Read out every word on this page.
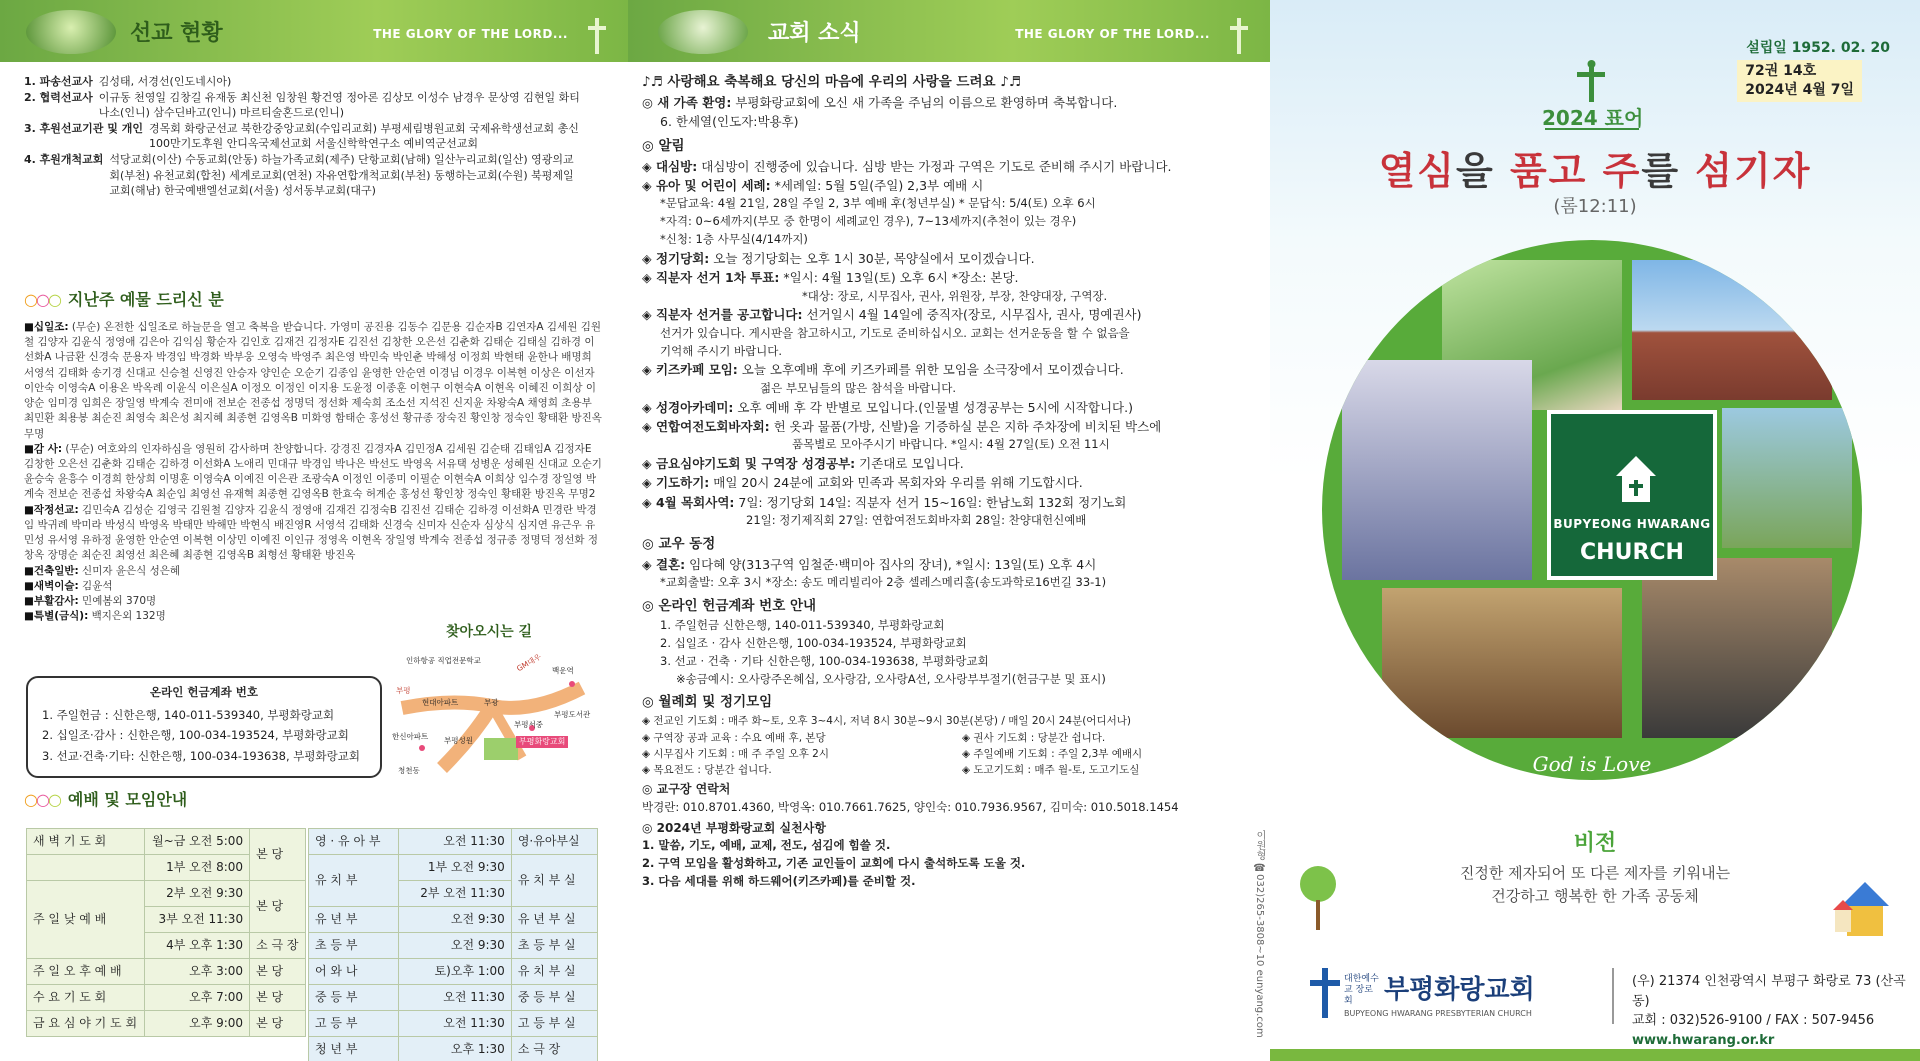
선교 현황	THE GLORY OF THE LORD...
1. 파송선교사 김성태, 서경선(인도네시아)
2. 협력선교사 이규동 천영일 김창길 유재동 최신천 임창원 황건영 정아론 김상모 이성수 남경우 문상영 김현일 화티나소(인니) 삼수딘바고(인니) 마르티술혼드로(인니)
3. 후원선교기관 및 개인 경목회 화랑군선교 북한강중앙교회(수입리교회) 부평세림병원교회 국제유학생선교회 총신100만기도후원 안디옥국제선교회 서울신학학연구소 예비역군선교회
4. 후원개척교회 석당교회(이산) 수동교회(안동) 하늘가족교회(제주) 단항교회(남해) 일산누리교회(일산) 영광의교회(부천) 유천교회(합천) 세계로교회(연천) 자유연합개척교회(부천) 동행하는교회(수원) 북평제일교회(해남) 한국예밴엘선교회(서울) 성서동부교회(대구)
○○○ 지난주 예물 드리신 분
■십일조: (무순) 온전한 십일조로 하늘문을 열고 축복을 받습니다. 가영미 공진용 김동수 김문용 김순자B 김연자A 김세원 김원철 김양자 김윤식 정영애 김은아 김익심 황순자 김인호 김재건 김정자E 김진선 김창한 오은선 김춘화 김태순 김태실 김하경 이선화A 나금환 신경숙 문용자 박경임 박경화 박부웅 오영숙 박영주 최은영 박민숙 박인춘 박해성 이정희 박현태 윤한나 배명희 서영석 김태화 송기경 신대교 신승철 신영진 안승자 양인순 오순기 김종임 윤영한 안순연 이경님 이경우 이복현 이상은 이선자 이안숙 이영숙A 이용온 박옥례 이윤식 이은실A 이정오 이정인 이지용 도윤정 이종훈 이현구 이현숙A 이현옥 이혜진 이희상 이양순 임미경 임희은 장일영 박계숙 전미애 전보순 전종섭 정명덕 정선화 제숙희 조소선 지석진 신지윤 차왕숙A 채영희 초용부 최민환 최용봉 최순진 최영숙 최은성 최지혜 최종현 김영옥B 미화영 함태순 홍성선 황규종 장숙진 황인창 정숙인 황태환 방진옥 무명
■감 사: (무순) 여호와의 인자하심을 영원히 감사하며 찬양합니다. 강경진 김경자A 김민정A 김세원 김순태 김태임A 김정자E 김창한 오은선 김춘화 김태순 김하경 이선화A 노애리 민대규 박경임 박나은 박선도 박영옥 서유택 성병운 성혜원 신대교 오순기 윤승숙 윤흥수 이경희 한상희 이명훈 이영숙A 이예진 이은관 조광숙A 이정인 이종미 이필순 이현숙A 이희상 임수경 장일영 박계숙 전보순 전종섭 차왕숙A 최순임 최영선 유재혁 최종현 김영옥B 한효숙 허계순 홍성선 황인창 정숙인 황태환 방진옥 무명2
■작정선교: 김민숙A 김성순 김영국 김원철 김양자 김윤식 정영애 김재건 김정숙B 김진선 김태순 김하경 이선화A 민경란 박경임 박귀례 박미라 박성식 박영옥 박태만 박해만 박현식 배진영R 서영석 김태화 신경숙 신미자 신순자 심상식 심지연 유근우 유민성 유서영 유하정 윤영한 안순연 이복현 이상민 이예진 이인규 정영옥 이현옥 장일영 박계숙 전종섭 정규종 정명덕 정선화 정창옥 장명순 최순진 최영선 최은혜 최종현 김영옥B 최형선 황태환 방진옥
■건축일반: 신미자 윤은식 성은혜
■새벽이슬: 김윤석
■부활감사: 민예봄외 370명
■특별(금식): 백지은외 132명
온라인 헌금계좌 번호
1. 주일헌금 : 신한은행, 140-011-539340, 부평화랑교회
2. 십일조·감사 : 신한은행, 100-034-193524, 부평화랑교회
3. 선교·건축·기타: 신한은행, 100-034-193638, 부평화랑교회
찾아오시는 길
인하항공 직업전문학교
부평
현대아파트	부광
백운역
부평서중
부평도서관
한신아파트 부평성원
청천동
부평화랑교회
GM대우
○○○ 예배 및 모임안내
새 벽 기 도 회	월~금 오전 5:00	본 당
	1부 오전 8:00	
주 일 낮 예 배	2부 오전 9:30	본 당
	3부 오전 11:30	
	4부 오후 1:30	소 극 장
주 일 오 후 예 배	오후 3:00	본 당
수 요 기 도 회	오후 7:00	본 당
금 요 심 야 기 도 회	오후 9:00	본 당
영 · 유 아 부	오전 11:30	영·유아부실
유 치 부	1부 오전 9:30	유 치 부 실
	2부 오전 11:30	
유 년 부	오전 9:30	유 년 부 실
초 등 부	오전 9:30	초 등 부 실
어 와 나	토)오후 1:00	유 치 부 실
중 등 부	오전 11:30	중 등 부 실
고 등 부	오전 11:30	고 등 부 실
청 년 부	오후 1:30	소 극 장
교회 소식	THE GLORY OF THE LORD...

♪♬ 사랑해요 축복해요 당신의 마음에 우리의 사랑을 드려요 ♪♬

◎ 새 가족 환영: 부평화랑교회에 오신 새 가족을 주님의 이름으로 환영하며 축복합니다.

6. 한세열(인도자:박용후)

◎ 알림

◈ 대심방: 대심방이 진행중에 있습니다. 심방 받는 가정과 구역은 기도로 준비해 주시기 바랍니다.

◈ 유아 및 어린이 세례: *세례일: 5월 5일(주일) 2,3부 예배 시

*문답교육: 4월 21일, 28일 주일 2, 3부 예배 후(청년부실) * 문답식: 5/4(토) 오후 6시

*자격: 0~6세까지(부모 중 한명이 세례교인 경우), 7~13세까지(추천이 있는 경우)

*신청: 1층 사무실(4/14까지)

◈ 정기당회: 오늘 정기당회는 오후 1시 30분, 목양실에서 모이겠습니다.

◈ 직분자 선거 1차 투표: *일시: 4월 13일(토) 오후 6시 *장소: 본당.

*대상: 장로, 시무집사, 권사, 위원장, 부장, 찬양대장, 구역장.

◈ 직분자 선거를 공고합니다: 선거일시 4월 14일에 중직자(장로, 시무집사, 권사, 명예권사)

선거가 있습니다. 게시판을 참고하시고, 기도로 준비하십시오. 교회는 선거운동을 할 수 없음을

기억해 주시기 바랍니다.

◈ 키즈카페 모임: 오늘 오후예배 후에 키즈카페를 위한 모임을 소극장에서 모이겠습니다.

젊은 부모님들의 많은 참석을 바랍니다.

◈ 성경아카데미: 오후 예배 후 각 반별로 모입니다.(인물별 성경공부는 5시에 시작합니다.)

◈ 연합여전도회바자회: 헌 옷과 물품(가방, 신발)을 기증하실 분은 지하 주차장에 비치된 박스에

품목별로 모아주시기 바랍니다. *일시: 4월 27일(토) 오전 11시

◈ 금요심야기도회 및 구역장 성경공부: 기존대로 모입니다.

◈ 기도하기: 매일 20시 24분에 교회와 민족과 목회자와 우리를 위해 기도합시다.

◈ 4월 목회사역: 7일: 정기당회 14일: 직분자 선거 15~16일: 한남노회 132회 정기노회

21일: 정기제직회 27일: 연합여전도회바자회 28일: 찬양대헌신예배

◎ 교우 동정

◈ 결혼: 임다혜 양(313구역 임철준·백미아 집사의 장녀), *일시: 13일(토) 오후 4시

*교회출발: 오후 3시 *장소: 송도 메리빌리아 2층 셀레스메리홀(송도과학로16번길 33-1)

◎ 온라인 헌금계좌 번호 안내

1. 주일헌금 신한은행, 140-011-539340, 부평화랑교회

2. 십일조 · 감사 신한은행, 100-034-193524, 부평화랑교회

3. 선교 · 건축 · 기타 신한은행, 100-034-193638, 부평화랑교회

※송금예시: 오사랑주온혜십, 오사랑감, 오사랑A선, 오사랑부부절기(헌금구분 및 표시)

◎ 월례회 및 정기모임

◈ 전교인 기도회 : 매주 화~토, 오후 3~4시, 저녁 8시 30분~9시 30분(본당) / 매일 20시 24분(어디서나)
◈ 구역장 공과 교육 : 수요 예배 후, 본당	◈ 권사 기도회 : 당분간 쉽니다.
◈ 시무집사 기도회 : 매 주 주일 오후 2시	◈ 주일예배 기도회 : 주일 2,3부 예배시
◈ 목요전도 : 당분간 쉽니다.	◈ 도고기도회 : 매주 월-토, 도고기도실

◎ 교구장 연락처

박경란: 010.8701.4360, 박영옥: 010.7661.7625, 양인숙: 010.7936.9567, 김미숙: 010.5018.1454

◎ 2024년 부평화랑교회 실천사항

1. 말씀, 기도, 예배, 교제, 전도, 섬김에 힘쓸 것.

2. 구역 모임을 활성화하고, 기존 교인들이 교회에 다시 출석하도록 도울 것.

3. 다음 세대를 위해 하드웨어(키즈카페)를 준비할 것.	이원형 ☎032)265-3808~10 eunyang.com
설립일 1952. 02. 20
72권 14호
2024년 4월 7일
2024 표어
열심을 품고 주를 섬기자
(롬12:11)
BUPYEONG HWARANG
CHURCH
God is Love
비전
진정한 제자되어 또 다른 제자를 키워내는
건강하고 행복한 한 가족 공동체
대한예수교 장로회	부평화랑교회
BUPYEONG HWARANG PRESBYTERIAN CHURCH
(우) 21374 인천광역시 부평구 화랑로 73 (산곡동)
교회 : 032)526-9100 / FAX : 507-9456
www.hwarang.or.kr
